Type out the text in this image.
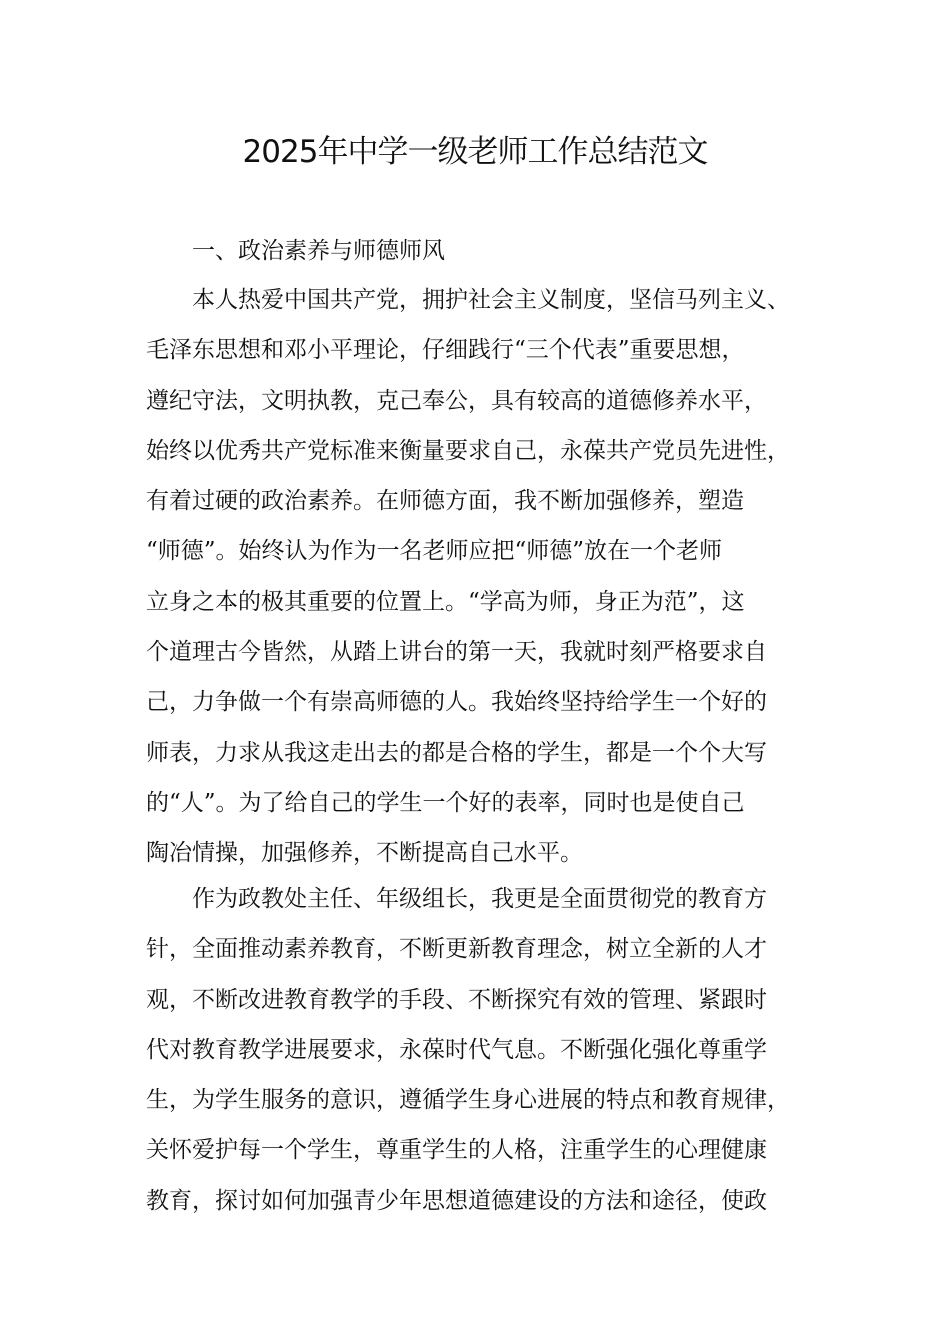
2025年中学一级老师工作总结范文
一、政治素养与师德师风
本人热爱中国共产党，拥护社会主义制度，坚信马列主义、
毛泽东思想和邓小平理论，仔细践行“三个代表”重要思想，
遵纪守法，文明执教，克己奉公，具有较高的道德修养水平，
始终以优秀共产党标准来衡量要求自己，永葆共产党员先进性，
有着过硬的政治素养。在师德方面，我不断加强修养，塑造
“师德”。始终认为作为一名老师应把“师德”放在一个老师
立身之本的极其重要的位置上。“学高为师，身正为范”，这
个道理古今皆然，从踏上讲台的第一天，我就时刻严格要求自
己，力争做一个有崇高师德的人。我始终坚持给学生一个好的
师表，力求从我这走出去的都是合格的学生，都是一个个大写
的“人”。为了给自己的学生一个好的表率，同时也是使自己
陶冶情操，加强修养，不断提高自己水平。
作为政教处主任、年级组长，我更是全面贯彻党的教育方
针，全面推动素养教育，不断更新教育理念，树立全新的人才
观，不断改进教育教学的手段、不断探究有效的管理、紧跟时
代对教育教学进展要求，永葆时代气息。不断强化强化尊重学
生，为学生服务的意识，遵循学生身心进展的特点和教育规律，
关怀爱护每一个学生，尊重学生的人格，注重学生的心理健康
教育，探讨如何加强青少年思想道德建设的方法和途径，使政
